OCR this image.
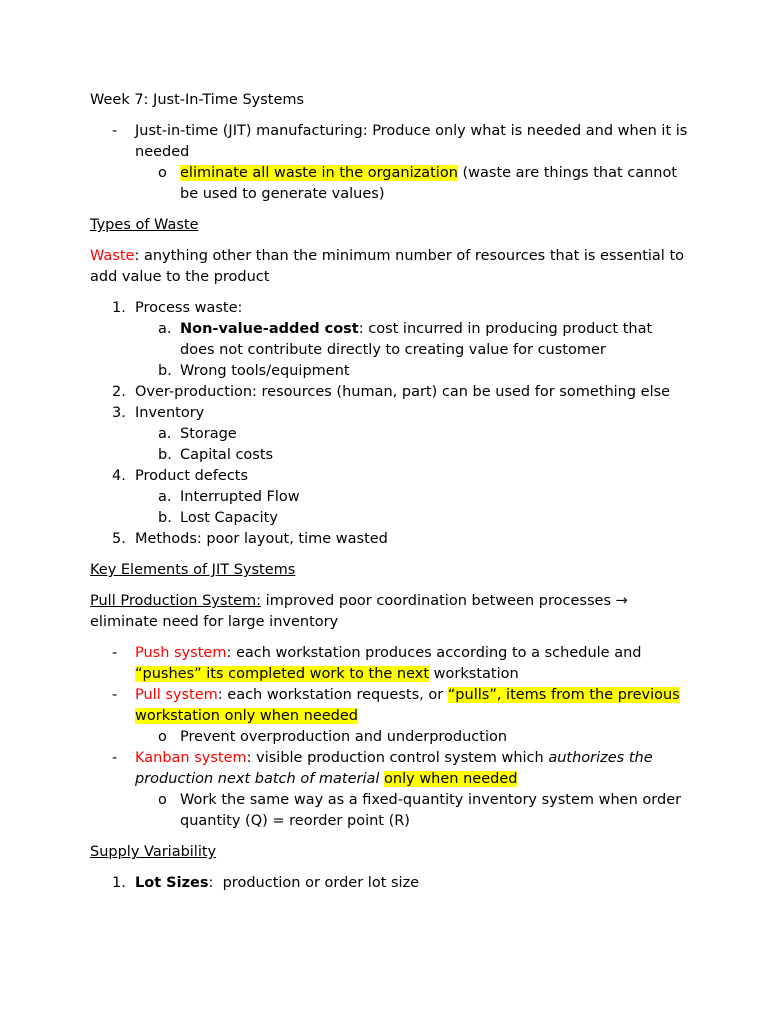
Week 7: Just-In-Time Systems

- Just-in-time (JIT) manufacturing: Produce only what is needed and when it is needed
o eliminate all waste in the organization (waste are things that cannot be used to generate values)

Types of Waste

Waste: anything other than the minimum number of resources that is essential to add value to the product

1. Process waste:
a. Non-value-added cost: cost incurred in producing product that does not contribute directly to creating value for customer
b. Wrong tools/equipment
2. Over-production: resources (human, part) can be used for something else
3. Inventory
a. Storage
b. Capital costs
4. Product defects
a. Interrupted Flow
b. Lost Capacity
5. Methods: poor layout, time wasted

Key Elements of JIT Systems

Pull Production System: improved poor coordination between processes → eliminate need for large inventory

- Push system: each workstation produces according to a schedule and “pushes” its completed work to the next workstation
- Pull system: each workstation requests, or “pulls”, items from the previous workstation only when needed
o Prevent overproduction and underproduction
- Kanban system: visible production control system which authorizes the production next batch of material only when needed
o Work the same way as a fixed-quantity inventory system when order quantity (Q) = reorder point (R)

Supply Variability

1. Lot Sizes:  production or order lot size
